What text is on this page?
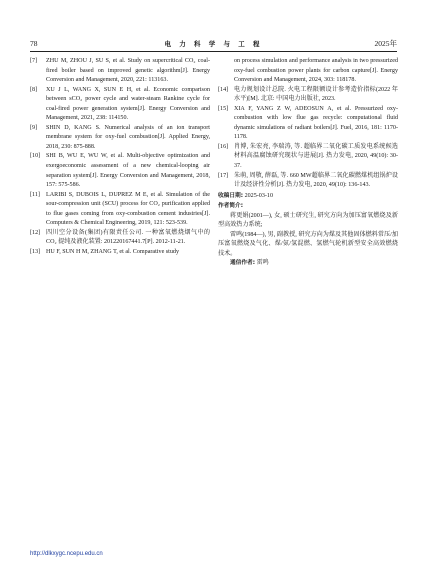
78	电 力 科 学 与 工 程	2025年
[7] ZHU M, ZHOU J, SU S, et al. Study on supercritical CO₂ coal-fired boiler based on improved genetic algorithm[J]. Energy Conversion and Management, 2020, 221: 113163.
[8] XU J L, WANG X, SUN E H, et al. Economic comparison between sCO₂ power cycle and water-steam Rankine cycle for coal-fired power generation system[J]. Energy Conversion and Management, 2021, 238: 114150.
[9] SHIN D, KANG S. Numerical analysis of an ion transport membrane system for oxy-fuel combustion[J]. Applied Energy, 2018, 230: 875-888.
[10] SHI B, WU E, WU W, et al. Multi-objective optimization and exergoeconomic assessment of a new chemical-looping air separation system[J]. Energy Conversion and Management, 2018, 157: 575-586.
[11] LARIBI S, DUBOIS L, DUPREZ M E, et al. Simulation of the sour-compression unit (SCU) process for CO₂ purification applied to flue gases coming from oxy-combustion cement industries[J]. Computers & Chemical Engineering, 2019, 121: 523-539.
[12] 四川空分设备(集团)有限责任公司. 一种富氧燃烧烟气中的 CO₂ 提纯及液化装置: 201220167441.7[P]. 2012-11-21.
[13] HU F, SUN H M, ZHANG T, et al. Comparative study
on process simulation and performance analysis in two pressurized oxy-fuel combustion power plants for carbon capture[J]. Energy Conversion and Management, 2024, 303: 118178.
[14] 电力规划设计总院. 火电工程限额设计参考造价指标(2022 年水平)[M]. 北京: 中国电力出版社, 2023.
[15] XIA F, YANG Z W, ADEOSUN A, et al. Pressurized oxy-combustion with low flue gas recycle: computational fluid dynamic simulations of radiant boilers[J]. Fuel, 2016, 181: 1170-1178.
[16] 肖博, 朱宏亮, 李瑞涛, 等. 超临界二氧化碳工质发电系统候选材料高温腐蚀研究现状与进展[J]. 热力发电, 2020, 49(10): 30-37.
[17] 朱萌, 周敬, 薛磊, 等. 660 MW超临界二氧化碳燃煤机组锅炉设计及经济性分析[J]. 热力发电, 2020, 49(10): 136-143.
收稿日期: 2025-03-10
作者简介:
蒋更娟(2001—), 女, 硕士研究生, 研究方向为加压富氧燃烧及新型高效热力系统;
雷鸣(1984—), 男, 副教授, 研究方向为煤及其他固体燃料常压/加压富氧燃烧及气化、煤/氨/氢混燃、氢燃气轮机新型安全高效燃烧技术。
通信作者: 雷鸣
http://dlkxygc.ncepu.edu.cn
